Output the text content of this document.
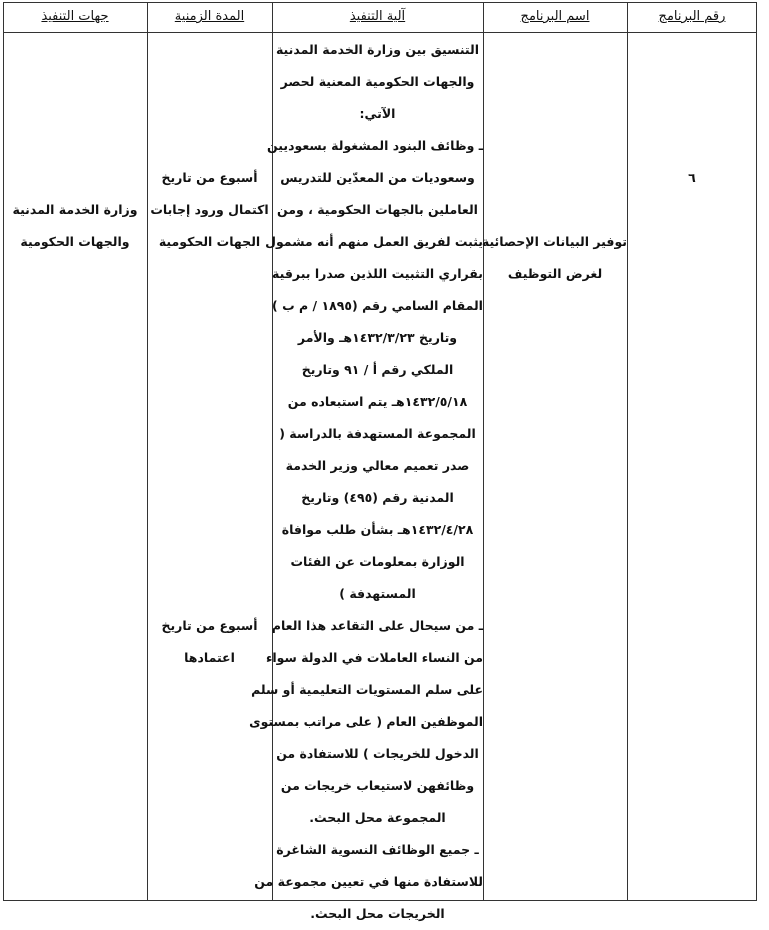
رقم البرنامج
اسم البرنامج
آلية التنفيذ
المدة الزمنية
جهات التنفيذ
٦
توفير البيانات الإحصائية
لغرض التوظيف
التنسيق بين وزارة الخدمة المدنية
والجهات الحكومية المعنية لحصر
الآتي:
ـ وظائف البنود المشغولة بسعوديين
وسعوديات من المعدّين للتدريس
العاملين بالجهات الحكومية ، ومن
يثبت لفريق العمل منهم أنه مشمول
بقراري التثبيت اللذين صدرا ببرقية
المقام السامي رقم (١٨٩٥ / م ب )
وتاريخ ١٤٣٢/٣/٢٣هـ والأمر
الملكي رقم أ / ٩١ وتاريخ
١٤٣٢/٥/١٨هـ يتم استبعاده من
المجموعة المستهدفة بالدراسة (
صدر تعميم معالي وزير الخدمة
المدنية رقم (٤٩٥) وتاريخ
١٤٣٢/٤/٢٨هـ بشأن طلب موافاة
الوزارة بمعلومات عن الفئات
المستهدفة )
ـ من سيحال على التقاعد هذا العام
من النساء العاملات في الدولة سواء
على سلم المستويات التعليمية أو سلم
الموظفين العام ( على مراتب بمستوى
الدخول للخريجات ) للاستفادة من
وظائفهن لاستيعاب خريجات من
المجموعة محل البحث.
ـ جميع الوظائف النسوية الشاغرة
للاستفادة منها في تعيين مجموعة من
الخريجات محل البحث.
أسبوع من تاريخ
اكتمال ورود إجابات
الجهات الحكومية
أسبوع من تاريخ
اعتمادها
وزارة الخدمة المدنية
والجهات الحكومية
